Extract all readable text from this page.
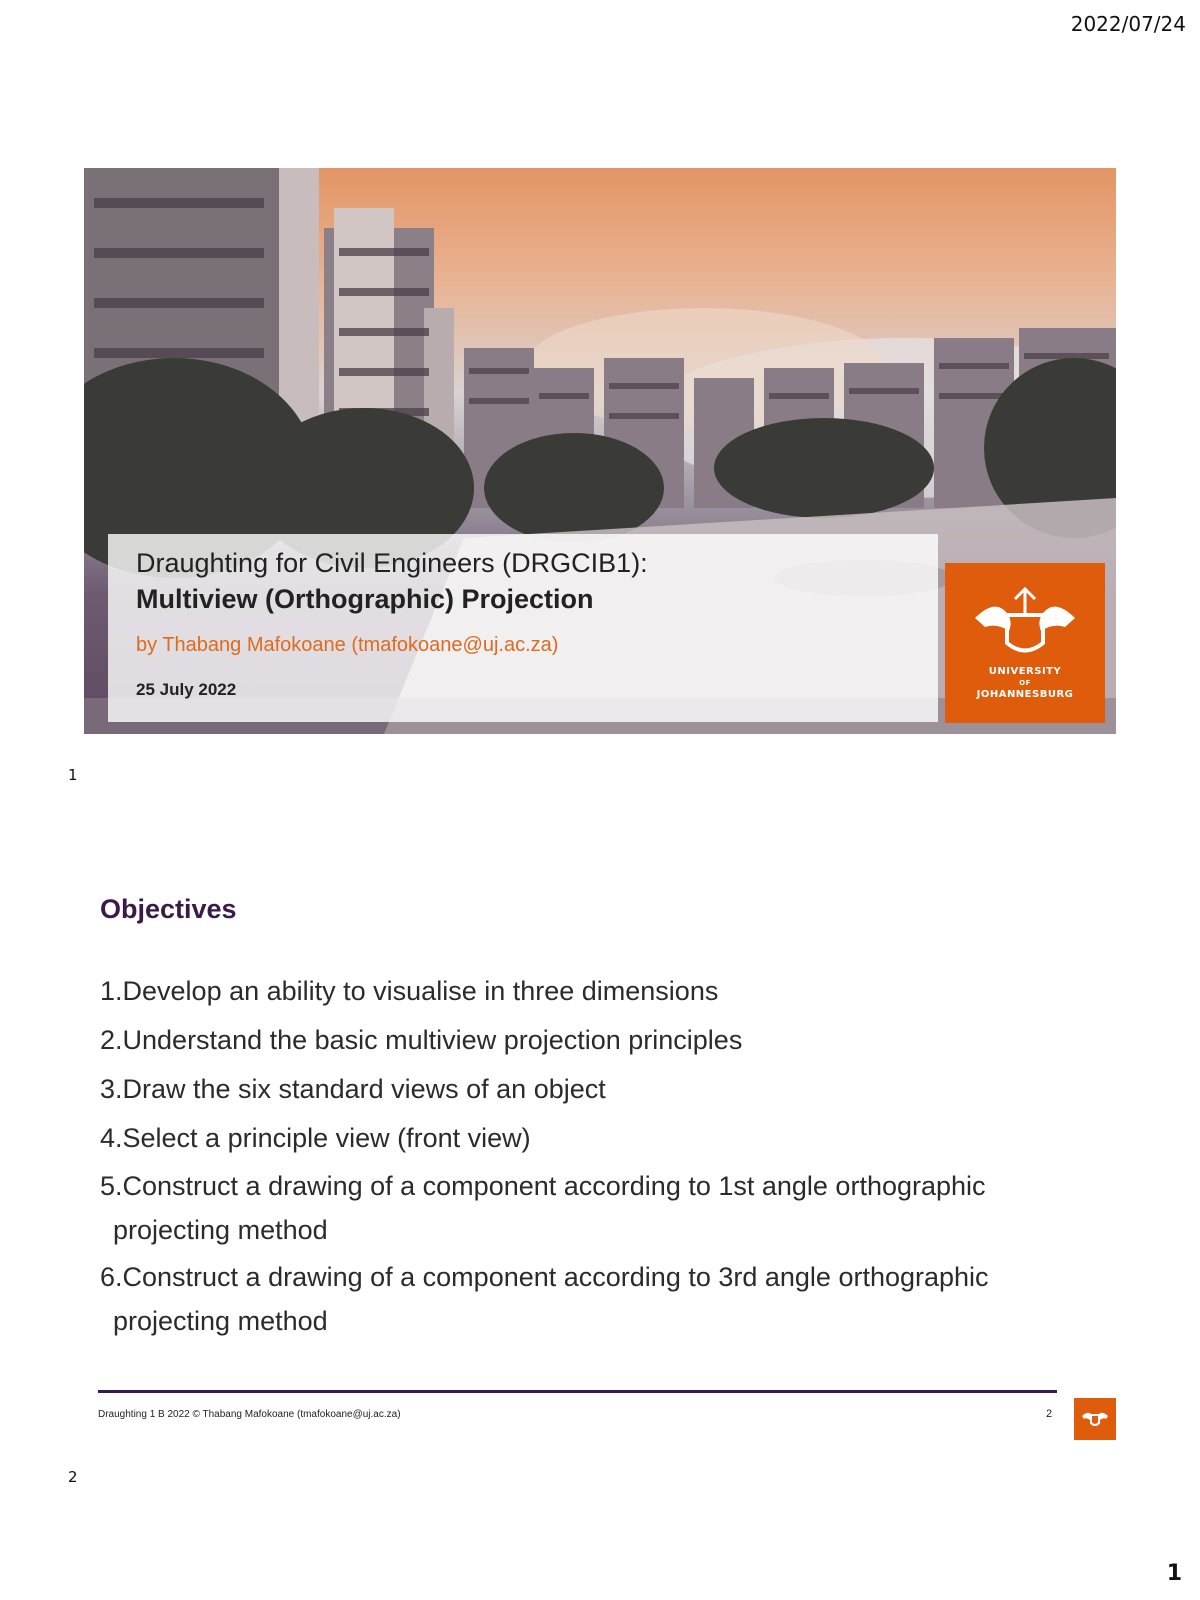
2022/07/24
Draughting for Civil Engineers (DRGCIB1):
Multiview (Orthographic) Projection
by Thabang Mafokoane (tmafokoane@uj.ac.za)
25 July 2022
UNIVERSITY
OF
JOHANNESBURG
1
Objectives
1.Develop an ability to visualise in three dimensions
2.Understand the basic multiview projection principles
3.Draw the six standard views of an object
4.Select a principle view (front view)
5.Construct a drawing of a component according to 1st angle orthographic
projecting method
6.Construct a drawing of a component according to 3rd angle orthographic
projecting method
Draughting 1 B 2022 © Thabang Mafokoane (tmafokoane@uj.ac.za)	2
2
1
